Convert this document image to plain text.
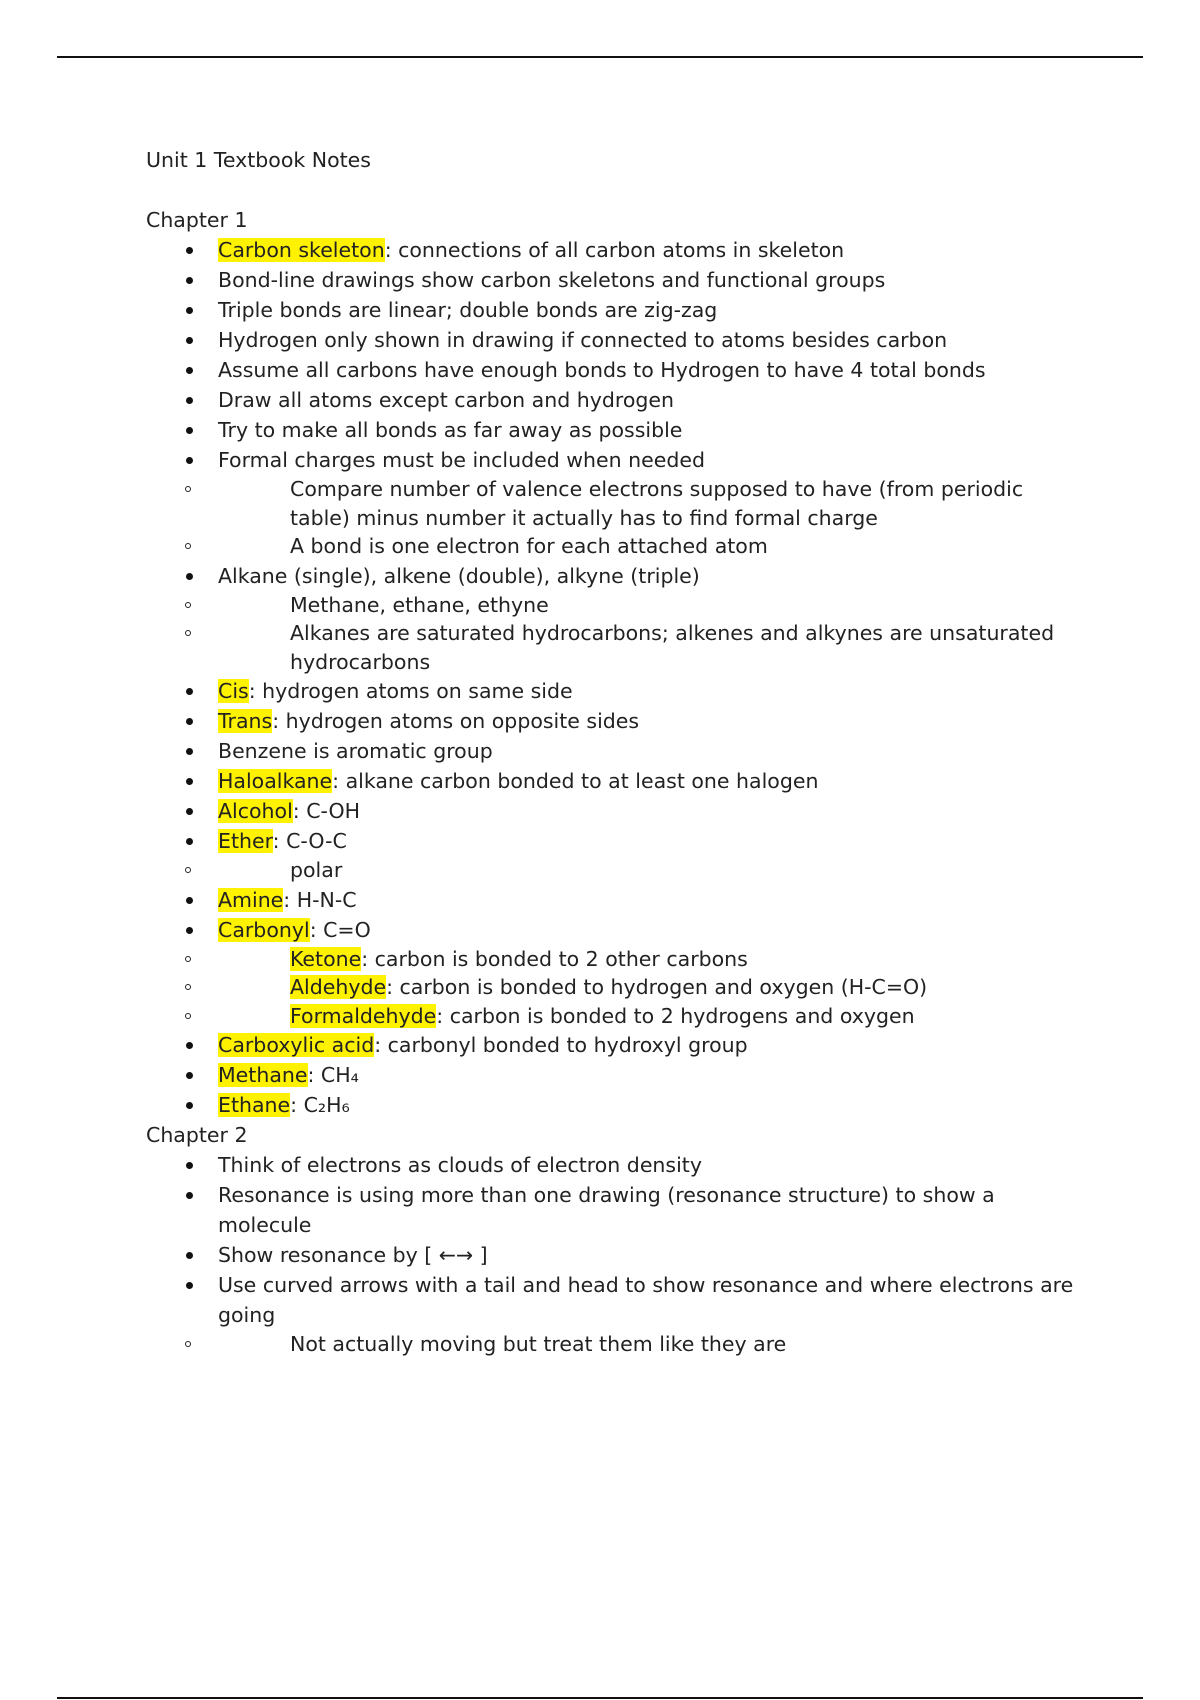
Unit 1 Textbook Notes
Chapter 1
Carbon skeleton: connections of all carbon atoms in skeleton
Bond-line drawings show carbon skeletons and functional groups
Triple bonds are linear; double bonds are zig-zag
Hydrogen only shown in drawing if connected to atoms besides carbon
Assume all carbons have enough bonds to Hydrogen to have 4 total bonds
Draw all atoms except carbon and hydrogen
Try to make all bonds as far away as possible
Formal charges must be included when needed
Compare number of valence electrons supposed to have (from periodic table) minus number it actually has to find formal charge
A bond is one electron for each attached atom
Alkane (single), alkene (double), alkyne (triple)
Methane, ethane, ethyne
Alkanes are saturated hydrocarbons; alkenes and alkynes are unsaturated hydrocarbons
Cis: hydrogen atoms on same side
Trans: hydrogen atoms on opposite sides
Benzene is aromatic group
Haloalkane: alkane carbon bonded to at least one halogen
Alcohol: C-OH
Ether: C-O-C
polar
Amine: H-N-C
Carbonyl: C=O
Ketone: carbon is bonded to 2 other carbons
Aldehyde: carbon is bonded to hydrogen and oxygen (H-C=O)
Formaldehyde: carbon is bonded to 2 hydrogens and oxygen
Carboxylic acid: carbonyl bonded to hydroxyl group
Methane: CH₄
Ethane: C₂H₆
Chapter 2
Think of electrons as clouds of electron density
Resonance is using more than one drawing (resonance structure) to show a molecule
Show resonance by [ ←→ ]
Use curved arrows with a tail and head to show resonance and where electrons are going
Not actually moving but treat them like they are
